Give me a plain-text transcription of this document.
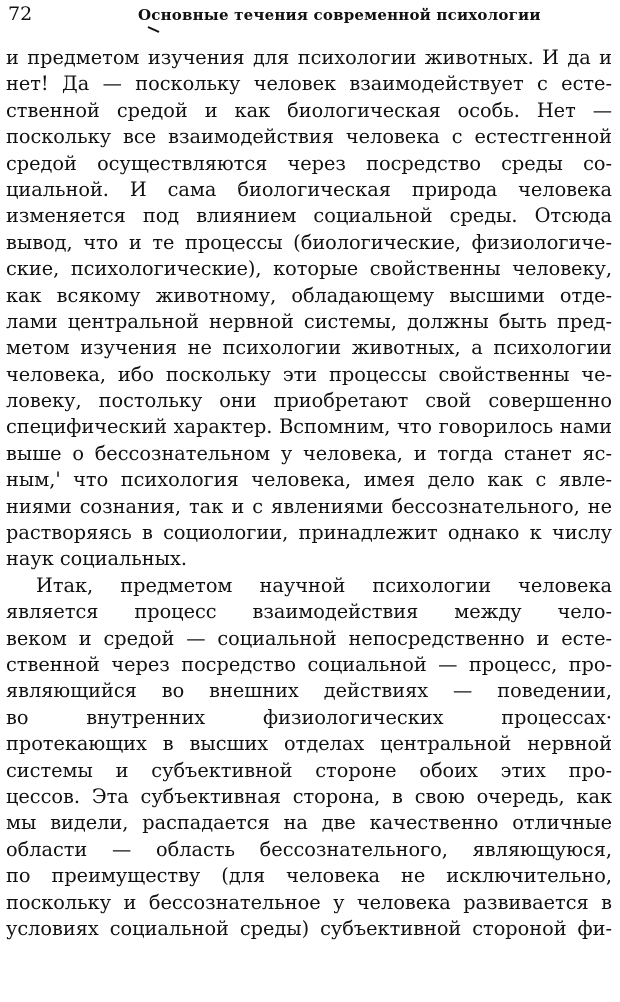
72	Основные течения современной психологии
и предметом изучения для психологии животных. И да и
нет! Да — поскольку человек взаимодействует с есте-
ственной средой и как биологическая особь. Нет —
поскольку все взаимодействия человека с естестгенной
средой осуществляются через посредство среды со-
циальной. И сама биологическая природа человека
изменяется под влиянием социальной среды. Отсюда
вывод, что и те процессы (биологические, физиологиче-
ские, психологические), которые свойственны человеку,
как всякому животному, обладающему высшими отде-
лами центральной нервной системы, должны быть пред-
метом изучения не психологии животных, а психологии
человека, ибо поскольку эти процессы свойственны че-
ловеку, постольку они приобретают свой совершенно
специфический характер. Вспомним, что говорилось нами
выше о бессознательном у человека, и тогда станет яс-
ным,' что психология человека, имея дело как с явле-
ниями сознания, так и с явлениями бессознательного, не
растворяясь в социологии, принадлежит однако к числу
наук социальных.
Итак, предметом научной психологии человека
является процесс взаимодействия между чело-
веком и средой — социальной непосредственно и есте-
ственной через посредство социальной — процесс, про-
являющийся во внешних действиях — поведении,
во внутренних физиологических процессах·
протекающих в высших отделах центральной нервной
системы и субъективной стороне обоих этих про-
цессов. Эта субъективная сторона, в свою очередь, как
мы видели, распадается на две качественно отличные
области — область бессознательного, являющуюся,
по преимуществу (для человека не исключительно,
поскольку и бессознательное у человека развивается в
условиях социальной среды) субъективной стороной фи-
